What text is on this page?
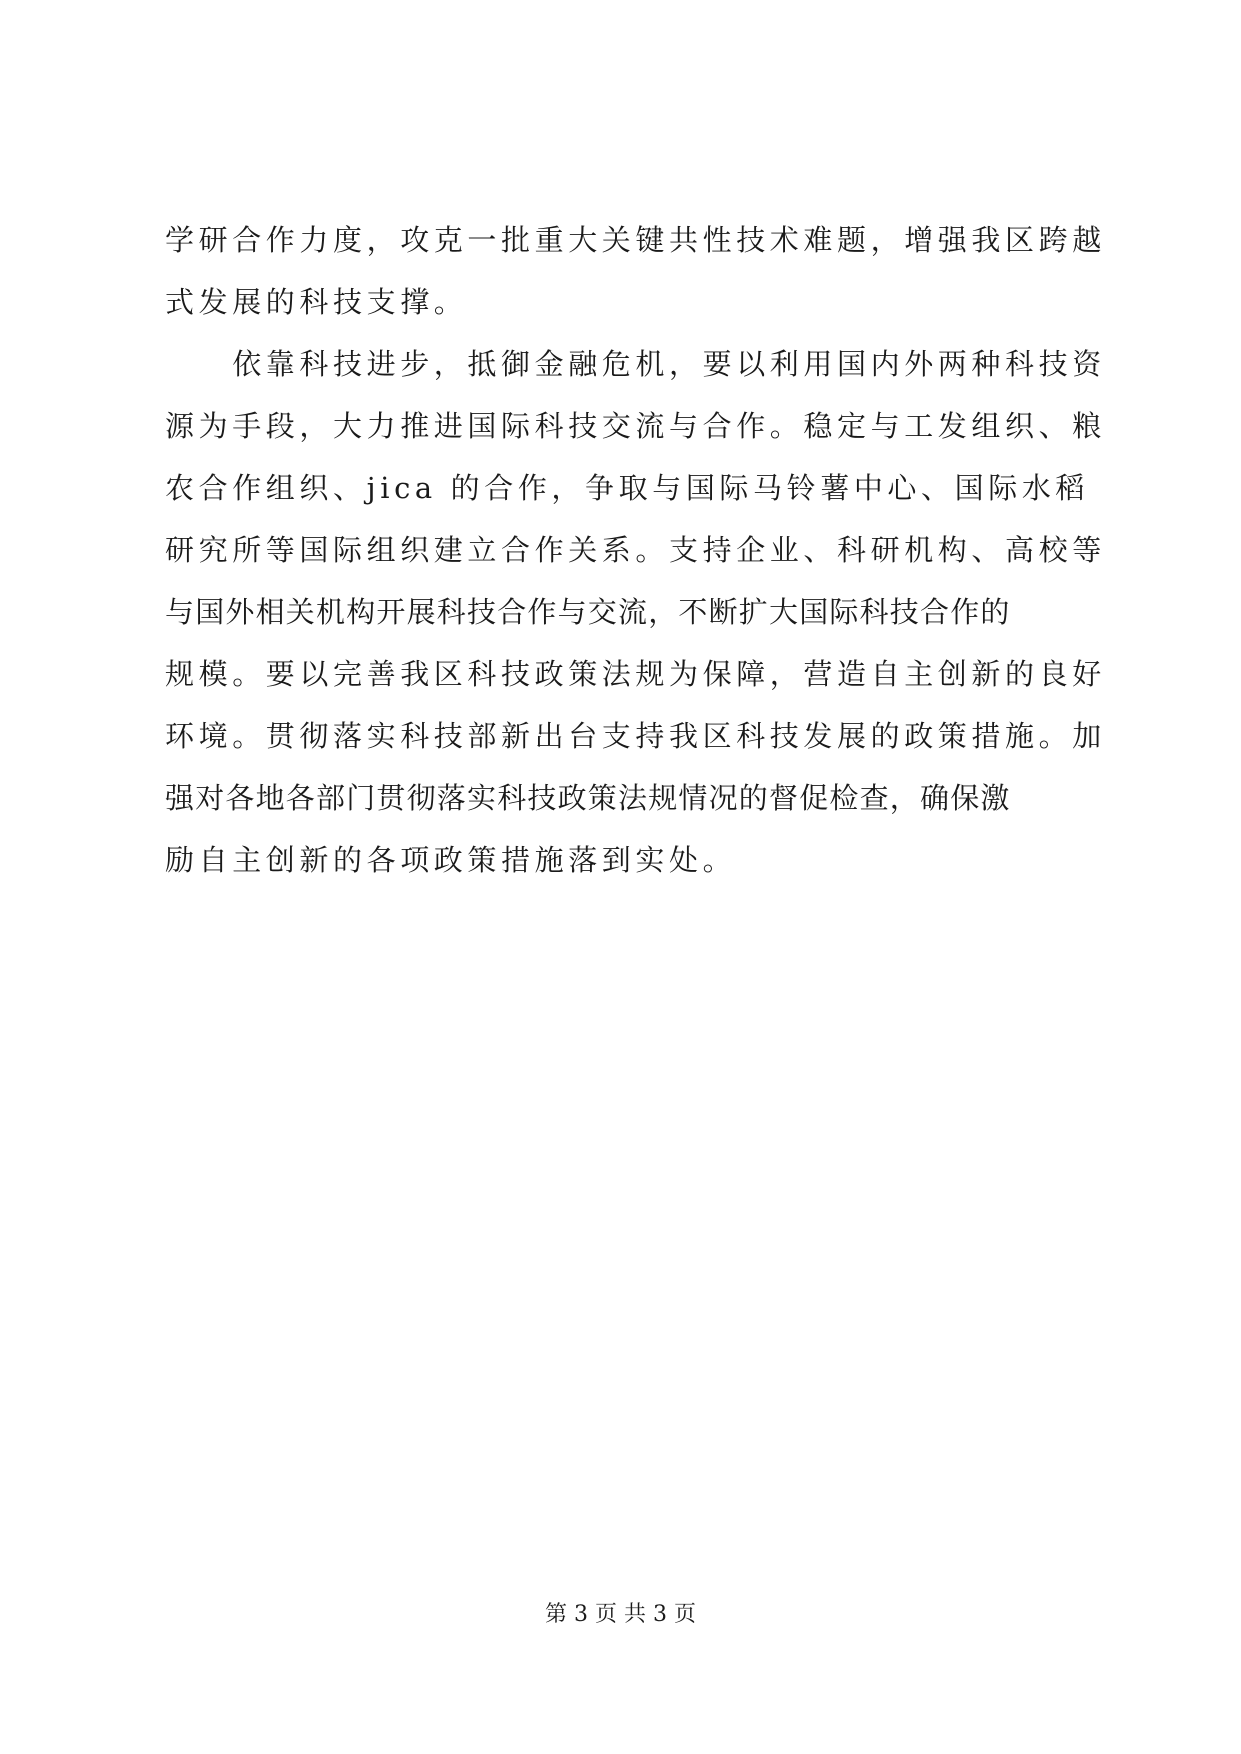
学研合作力度，攻克一批重大关键共性技术难题，增强我区跨越
式发展的科技支撑。
　　依靠科技进步，抵御金融危机，要以利用国内外两种科技资
源为手段，大力推进国际科技交流与合作。稳定与工发组织、粮
农合作组织、jica 的合作，争取与国际马铃薯中心、国际水稻
研究所等国际组织建立合作关系。支持企业、科研机构、高校等
与国外相关机构开展科技合作与交流，不断扩大国际科技合作的
规模。要以完善我区科技政策法规为保障，营造自主创新的良好
环境。贯彻落实科技部新出台支持我区科技发展的政策措施。加
强对各地各部门贯彻落实科技政策法规情况的督促检查，确保激
励自主创新的各项政策措施落到实处。
第 3 页 共 3 页
